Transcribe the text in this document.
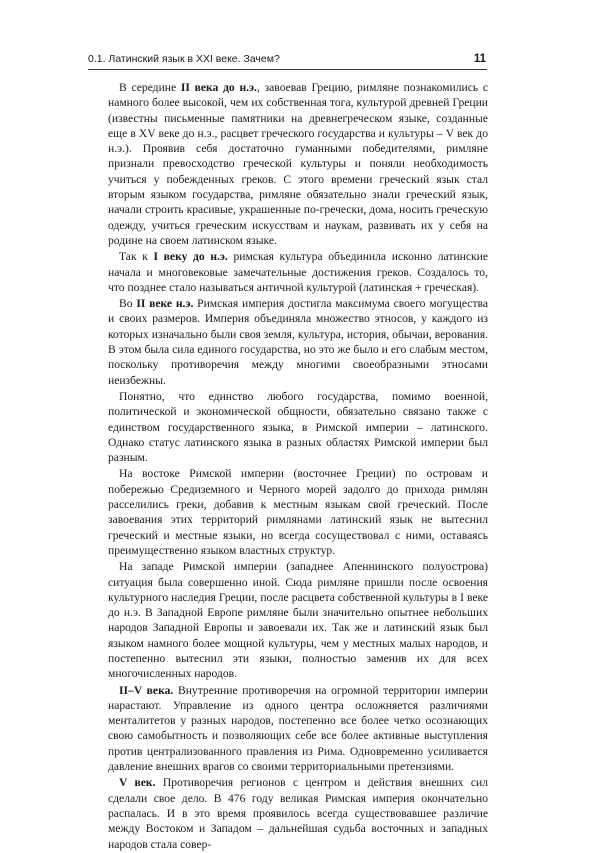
0.1. Латинский язык в XXI веке. Зачем?	11

В середине II века до н.э., завоевав Грецию, римляне познакомились с намного более высокой, чем их собственная тога, культурой древней Греции (известны письменные памятники на древнегреческом языке, созданные еще в XV веке до н.э., расцвет греческого государства и культуры – V век до н.э.). Проявив себя достаточно гуманными победителями, римляне признали превосходство греческой культуры и поняли необходимость учиться у побежденных греков. С этого времени греческий язык стал вторым языком государства, римляне обязательно знали греческий язык, начали строить красивые, украшенные по-гречески, дома, носить греческую одежду, учиться греческим искусствам и наукам, развивать их у себя на родине на своем латинском языке.

Так к I веку до н.э. римская культура объединила исконно латинские начала и многовековые замечательные достижения греков. Создалось то, что позднее стало называться античной культурой (латинская + греческая).

Во II веке н.э. Римская империя достигла максимума своего могущества и своих размеров. Империя объединяла множество этносов, у каждого из которых изначально были своя земля, культура, история, обычаи, верования. В этом была сила единого государства, но это же было и его слабым местом, поскольку противоречия между многими своеобразными этносами неизбежны.

Понятно, что единство любого государства, помимо военной, политической и экономической общности, обязательно связано также с единством государственного языка, в Римской империи – латинского. Однако статус латинского языка в разных областях Римской империи был разным.

На востоке Римской империи (восточнее Греции) по островам и побережью Средиземного и Черного морей задолго до прихода римлян расселились греки, добавив к местным языкам свой греческий. После завоевания этих территорий римлянами латинский язык не вытеснил греческий и местные языки, но всегда сосуществовал с ними, оставаясь преимущественно языком властных структур.

На западе Римской империи (западнее Апеннинского полуострова) ситуация была совершенно иной. Сюда римляне пришли после освоения культурного наследия Греции, после расцвета собственной культуры в I веке до н.э. В Западной Европе римляне были значительно опытнее небольших народов Западной Европы и завоевали их. Так же и латинский язык был языком намного более мощной культуры, чем у местных малых народов, и постепенно вытеснил эти языки, полностью заменив их для всех многочисленных народов.

II–V века. Внутренние противоречия на огромной территории империи нарастают. Управление из одного центра осложняется различиями менталитетов у разных народов, постепенно все более четко осознающих свою самобытность и позволяющих себе все более активные выступления против централизованного правления из Рима. Одновременно усиливается давление внешних врагов со своими территориальными претензиями.

V век. Противоречия регионов с центром и действия внешних сил сделали свое дело. В 476 году великая Римская империя окончательно распалась. И в это время проявилось всегда существовавшее различие между Востоком и Западом – дальнейшая судьба восточных и западных народов стала совер-
